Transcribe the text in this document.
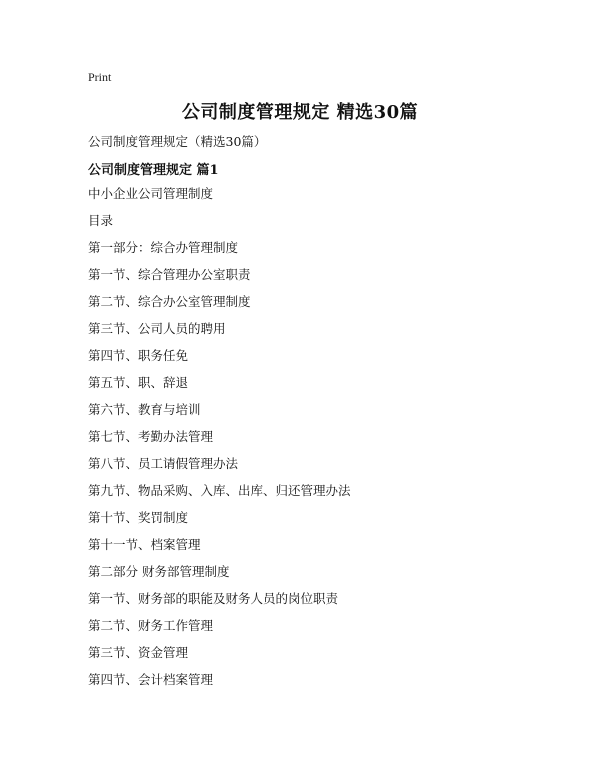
Print
公司制度管理规定 精选30篇
公司制度管理规定（精选30篇）
公司制度管理规定 篇1
中小企业公司管理制度
目录
第一部分：综合办管理制度
第一节、综合管理办公室职责
第二节、综合办公室管理制度
第三节、公司人员的聘用
第四节、职务任免
第五节、职、辞退
第六节、教育与培训
第七节、考勤办法管理
第八节、员工请假管理办法
第九节、物品采购、入库、出库、归还管理办法
第十节、奖罚制度
第十一节、档案管理
第二部分 财务部管理制度
第一节、财务部的职能及财务人员的岗位职责
第二节、财务工作管理
第三节、资金管理
第四节、会计档案管理
